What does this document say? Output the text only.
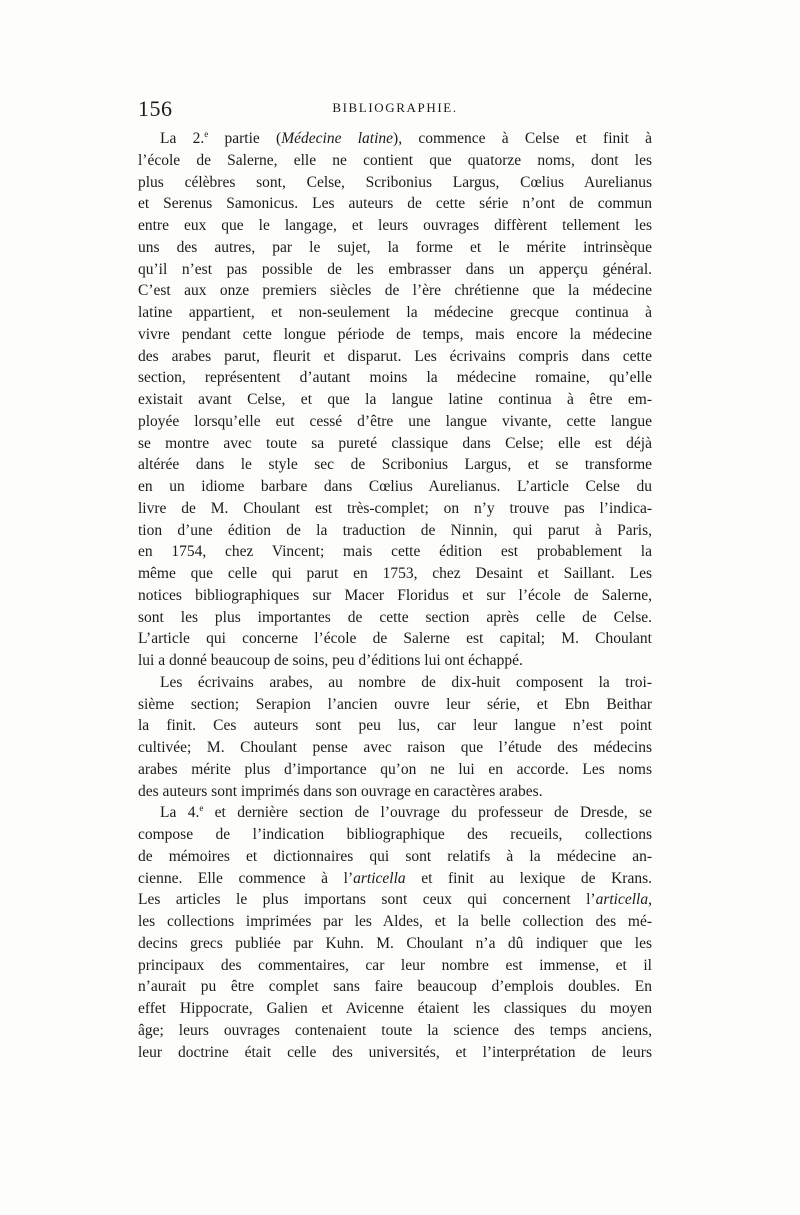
156	BIBLIOGRAPHIE.
La 2.$^e$ partie (Médecine latine), commence à Celse et finit à
l’école de Salerne, elle ne contient que quatorze noms, dont les
plus célèbres sont, Celse, Scribonius Largus, Cœlius Aurelianus
et Serenus Samonicus. Les auteurs de cette série n’ont de commun
entre eux que le langage, et leurs ouvrages diffèrent tellement les
uns des autres, par le sujet, la forme et le mérite intrinsèque
qu’il n’est pas possible de les embrasser dans un apperçu général.
C’est aux onze premiers siècles de l’ère chrétienne que la médecine
latine appartient, et non-seulement la médecine grecque continua à
vivre pendant cette longue période de temps, mais encore la médecine
des arabes parut, fleurit et disparut. Les écrivains compris dans cette
section, représentent d’autant moins la médecine romaine, qu’elle
existait avant Celse, et que la langue latine continua à être em-
ployée lorsqu’elle eut cessé d’être une langue vivante, cette langue
se montre avec toute sa pureté classique dans Celse; elle est déjà
altérée dans le style sec de Scribonius Largus, et se transforme
en un idiome barbare dans Cœlius Aurelianus. L’article Celse du
livre de M. Choulant est très-complet; on n’y trouve pas l’indica-
tion d’une édition de la traduction de Ninnin, qui parut à Paris,
en 1754, chez Vincent; mais cette édition est probablement la
même que celle qui parut en 1753, chez Desaint et Saillant. Les
notices bibliographiques sur Macer Floridus et sur l’école de Salerne,
sont les plus importantes de cette section après celle de Celse.
L’article qui concerne l’école de Salerne est capital; M. Choulant
lui a donné beaucoup de soins, peu d’éditions lui ont échappé.
Les écrivains arabes, au nombre de dix-huit composent la troi-
sième section; Serapion l’ancien ouvre leur série, et Ebn Beithar
la finit. Ces auteurs sont peu lus, car leur langue n’est point
cultivée; M. Choulant pense avec raison que l’étude des médecins
arabes mérite plus d’importance qu’on ne lui en accorde. Les noms
des auteurs sont imprimés dans son ouvrage en caractères arabes.
La 4.$^e$ et dernière section de l’ouvrage du professeur de Dresde, se
compose de l’indication bibliographique des recueils, collections
de mémoires et dictionnaires qui sont relatifs à la médecine an-
cienne. Elle commence à l’articella et finit au lexique de Krans.
Les articles le plus importans sont ceux qui concernent l’articella,
les collections imprimées par les Aldes, et la belle collection des mé-
decins grecs publiée par Kuhn. M. Choulant n’a dû indiquer que les
principaux des commentaires, car leur nombre est immense, et il
n’aurait pu être complet sans faire beaucoup d’emplois doubles. En
effet Hippocrate, Galien et Avicenne étaient les classiques du moyen
âge; leurs ouvrages contenaient toute la science des temps anciens,
leur doctrine était celle des universités, et l’interprétation de leurs
